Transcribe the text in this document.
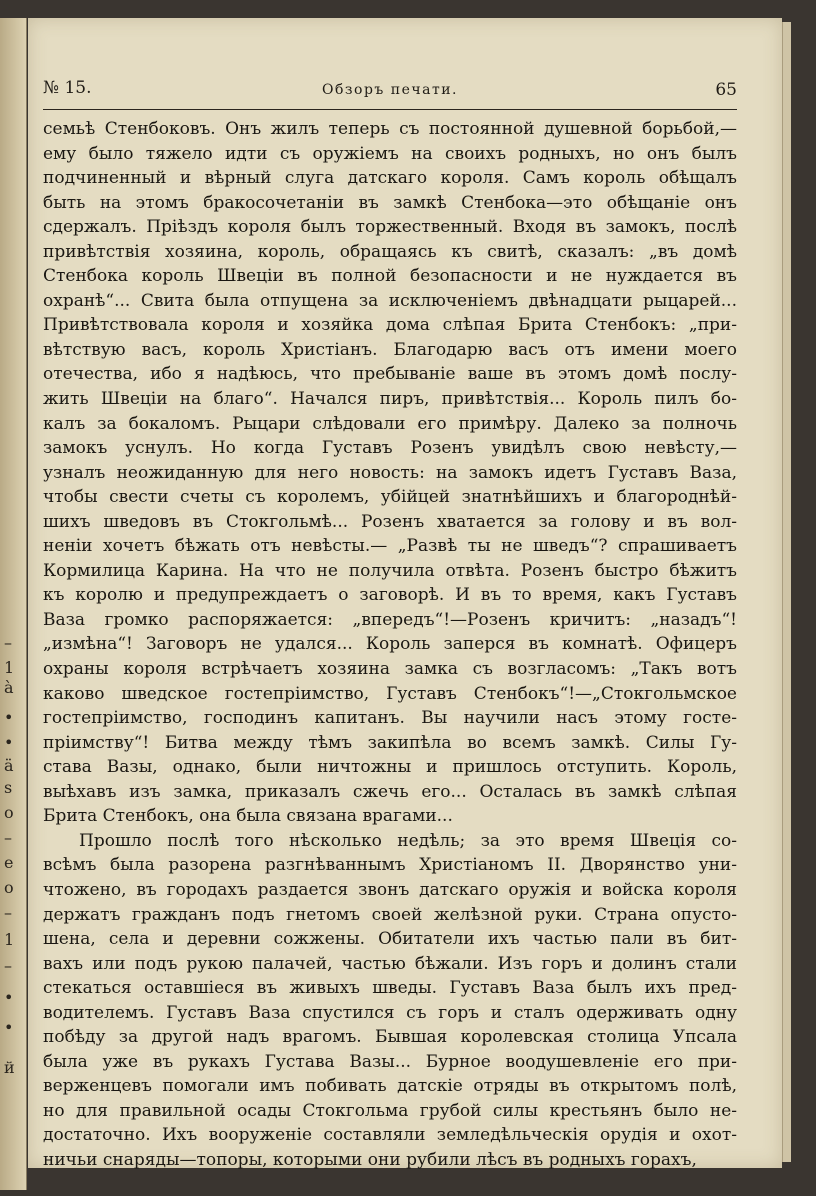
–
1
à
•
•
ä
s
o
–
e
o
–
1
–
•
•
й
№ 15.	Обзоръ печати.	65
семьѣ Стенбоковъ. Онъ жилъ теперь съ постоянной душевной борьбой,—
ему было тяжело идти съ оружіемъ на своихъ родныхъ, но онъ былъ
подчиненный и вѣрный слуга датскаго короля. Самъ король обѣщалъ
быть на этомъ бракосочетаніи въ замкѣ Стенбока—это обѣщаніе онъ
сдержалъ. Пріѣздъ короля былъ торжественный. Входя въ замокъ, послѣ
привѣтствія хозяина, король, обращаясь къ свитѣ, сказалъ: „въ домѣ
Стенбока король Швеціи въ полной безопасности и не нуждается въ
охранѣ“... Свита была отпущена за исключеніемъ двѣнадцати рыцарей...
Привѣтствовала короля и хозяйка дома слѣпая Брита Стенбокъ: „при-
вѣтствую васъ, король Христіанъ. Благодарю васъ отъ имени моего
отечества, ибо я надѣюсь, что пребываніе ваше въ этомъ домѣ послу-
жить Швеціи на благо“. Начался пиръ, привѣтствія... Король пилъ бо-
калъ за бокаломъ. Рыцари слѣдовали его примѣру. Далеко за полночь
замокъ уснулъ. Но когда Густавъ Розенъ увидѣлъ свою невѣсту,—
узналъ неожиданную для него новость: на замокъ идетъ Густавъ Ваза,
чтобы свести счеты съ королемъ, убійцей знатнѣйшихъ и благороднѣй-
шихъ шведовъ въ Стокгольмѣ... Розенъ хватается за голову и въ вол-
неніи хочетъ бѣжать отъ невѣсты.— „Развѣ ты не шведъ“? спрашиваетъ
Кормилица Карина. На что не получила отвѣта. Розенъ быстро бѣжитъ
къ королю и предупреждаетъ о заговорѣ. И въ то время, какъ Густавъ
Ваза громко распоряжается: „впередъ“!—Розенъ кричитъ: „назадъ“!
„измѣна“! Заговоръ не удался... Король заперся въ комнатѣ. Офицеръ
охраны короля встрѣчаетъ хозяина замка съ возгласомъ: „Такъ вотъ
каково шведское гостепріимство, Густавъ Стенбокъ“!—„Стокгольмское
гостепріимство, господинъ капитанъ. Вы научили насъ этому госте-
пріимству“! Битва между тѣмъ закипѣла во всемъ замкѣ. Силы Гу-
става Вазы, однако, были ничтожны и пришлось отступить. Король,
выѣхавъ изъ замка, приказалъ сжечь его... Осталась въ замкѣ слѣпая
Брита Стенбокъ, она была связана врагами...
Прошло послѣ того нѣсколько недѣль; за это время Швеція со-
всѣмъ была разорена разгнѣваннымъ Христіаномъ II. Дворянство уни-
чтожено, въ городахъ раздается звонъ датскаго оружія и войска короля
держатъ гражданъ подъ гнетомъ своей желѣзной руки. Страна опусто-
шена, села и деревни сожжены. Обитатели ихъ частью пали въ бит-
вахъ или подъ рукою палачей, частью бѣжали. Изъ горъ и долинъ стали
стекаться оставшіеся въ живыхъ шведы. Густавъ Ваза былъ ихъ пред-
водителемъ. Густавъ Ваза спустился съ горъ и сталъ одерживать одну
побѣду за другой надъ врагомъ. Бывшая королевская столица Упсала
была уже въ рукахъ Густава Вазы... Бурное воодушевленіе его при-
верженцевъ помогали имъ побивать датскіе отряды въ открытомъ полѣ,
но для правильной осады Стокгольма грубой силы крестьянъ было не-
достаточно. Ихъ вооруженіе составляли земледѣльческія орудія и охот-
ничьи снаряды—топоры, которыми они рубили лѣсъ въ родныхъ горахъ,
